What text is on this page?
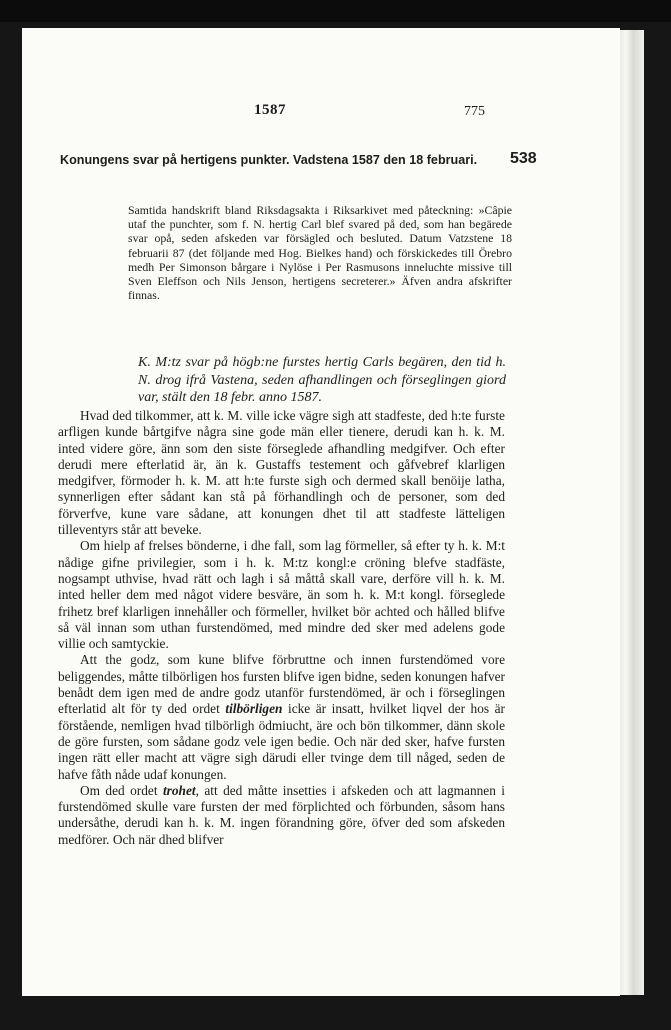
1587	775
538
Konungens svar på hertigens punkter. Vadstena 1587 den 18 februari.
Samtida handskrift bland Riksdagsakta i Riksarkivet med påteckning: »Câpie utaf the punchter, som f. N. hertig Carl blef svared på ded, som han begärede svar opå, seden afskeden var försägled och besluted. Datum Vatzstene 18 februarii 87 (det följande med Hog. Bielkes hand) och förskickedes till Örebro medh Per Simonson bårgare i Nylöse i Per Rasmusons inneluchte missive till Sven Eleffson och Nils Jenson, hertigens secreterer.» Äfven andra afskrifter finnas.
K. M:tz svar på högb:ne furstes hertig Carls begären, den tid h. N. drog ifrå Vastena, seden afhandlingen och förseglingen giord var, stält den 18 febr. anno 1587.

Hvad ded tilkommer, att k. M. ville icke vägre sigh att stadfeste, ded h:te furste arfligen kunde bårtgifve några sine gode män eller tienere, derudi kan h. k. M. inted videre göre, änn som den siste förseglede afhandling medgifver. Och efter derudi mere efterlatid är, än k. Gustaffs testement och gåfvebref klarligen medgifver, förmoder h. k. M. att h:te furste sigh och dermed skall benöije latha, synnerligen efter sådant kan stå på förhandlingh och de personer, som ded förverfve, kune vare sådane, att konungen dhet til att stadfeste lätteligen tilleventyrs står att beveke.

Om hielp af frelses bönderne, i dhe fall, som lag förmeller, så efter ty h. k. M:t nådige gifne privilegier, som i h. k. M:tz kongl:e cröning blefve stadfäste, nogsampt uthvise, hvad rätt och lagh i så måttå skall vare, derföre vill h. k. M. inted heller dem med något videre besväre, än som h. k. M:t kongl. förseglede frihetz bref klarligen innehåller och förmeller, hvilket bör achted och hålled blifve så väl innan som uthan furstendömed, med mindre ded sker med adelens gode villie och samtyckie.

Att the godz, som kune blifve förbruttne och innen furstendömed vore beliggendes, måtte tilbörligen hos fursten blifve igen bidne, seden konungen hafver benådt dem igen med de andre godz utanför furstendömed, är och i förseglingen efterlatid alt för ty ded ordet tilbörligen icke är insatt, hvilket liqvel der hos är förstående, nemligen hvad tilbörligh ödmiucht, äre och bön tilkommer, dänn skole de göre fursten, som sådane godz vele igen bedie. Och när ded sker, hafve fursten ingen rätt eller macht att vägre sigh därudi eller tvinge dem till någed, seden de hafve fåth nåde udaf konungen.

Om ded ordet trohet, att ded måtte insetties i afskeden och att lagmannen i furstendömed skulle vare fursten der med förplichted och förbunden, såsom hans undersåthe, derudi kan h. k. M. ingen förandning göre, öfver ded som afskeden medförer. Och när dhed blifver
